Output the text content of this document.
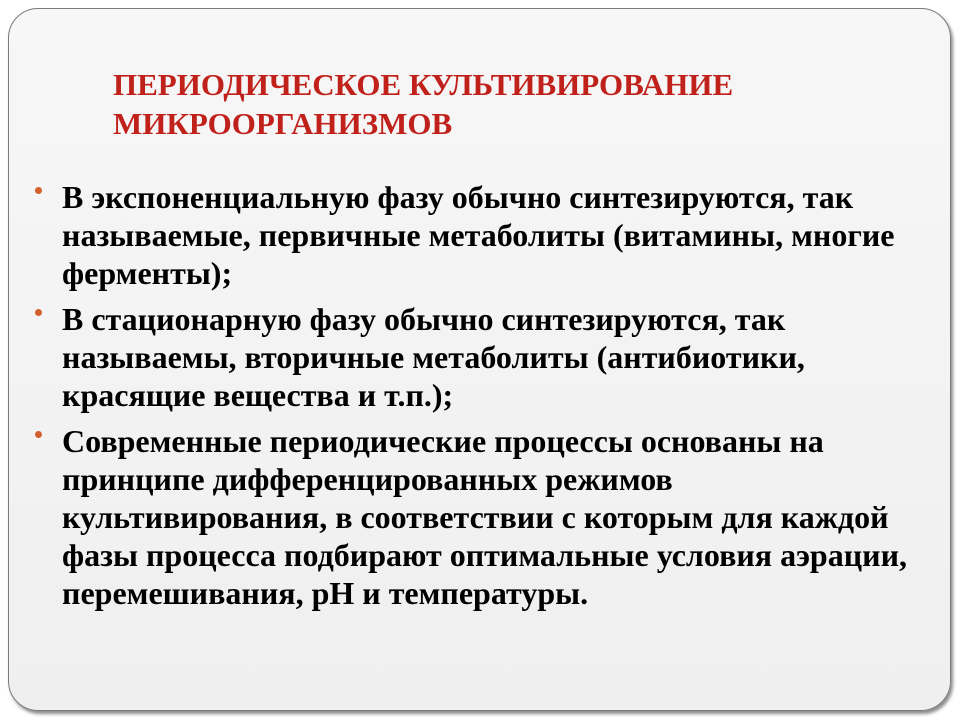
ПЕРИОДИЧЕСКОЕ КУЛЬТИВИРОВАНИЕ
МИКРООРГАНИЗМОВ
В экспоненциальную фазу обычно синтезируются, так
называемые, первичные метаболиты (витамины, многие
ферменты);
В стационарную фазу обычно синтезируются, так
называемы, вторичные метаболиты (антибиотики,
красящие вещества и т.п.);
Современные периодические процессы основаны на
принципе дифференцированных режимов
культивирования, в соответствии с которым для каждой
фазы процесса подбирают оптимальные условия аэрации,
перемешивания, рН и температуры.
